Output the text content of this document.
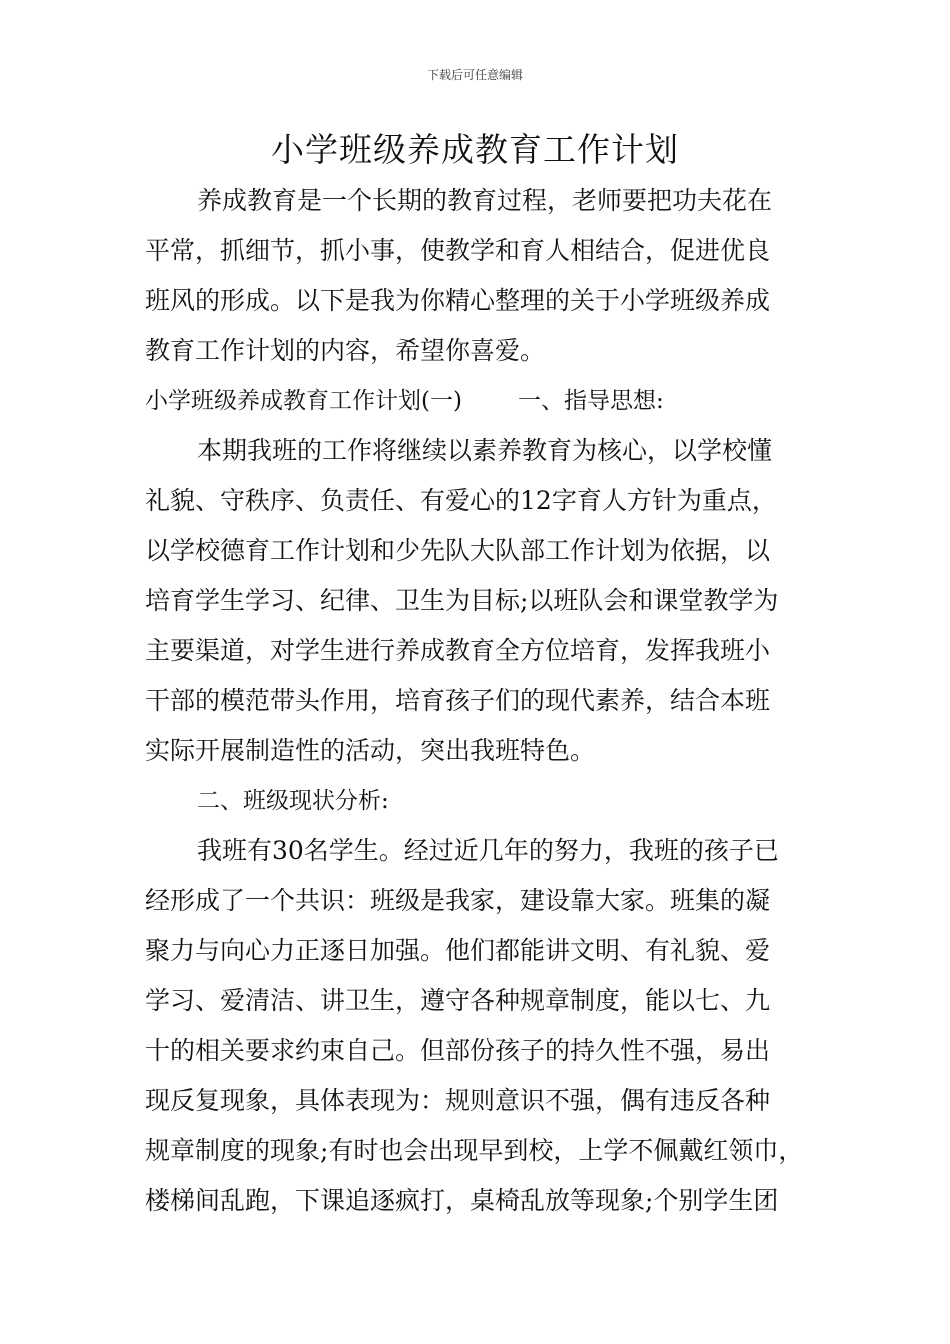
下载后可任意编辑
小学班级养成教育工作计划
养成教育是一个长期的教育过程，老师要把功夫花在
平常，抓细节，抓小事，使教学和育人相结合，促进优良
班风的形成。以下是我为你精心整理的关于小学班级养成
教育工作计划的内容，希望你喜爱。
小学班级养成教育工作计划(一) 一、指导思想:
本期我班的工作将继续以素养教育为核心，以学校懂
礼貌、守秩序、负责任、有爱心的12字育人方针为重点，
以学校德育工作计划和少先队大队部工作计划为依据，以
培育学生学习、纪律、卫生为目标;以班队会和课堂教学为
主要渠道，对学生进行养成教育全方位培育，发挥我班小
干部的模范带头作用，培育孩子们的现代素养，结合本班
实际开展制造性的活动，突出我班特色。
二、班级现状分析:
我班有30名学生。经过近几年的努力，我班的孩子已
经形成了一个共识：班级是我家，建设靠大家。班集的凝
聚力与向心力正逐日加强。他们都能讲文明、有礼貌、爱
学习、爱清洁、讲卫生，遵守各种规章制度，能以七、九
十的相关要求约束自己。但部份孩子的持久性不强，易出
现反复现象，具体表现为：规则意识不强，偶有违反各种
规章制度的现象;有时也会出现早到校，上学不佩戴红领巾，
楼梯间乱跑，下课追逐疯打，桌椅乱放等现象;个别学生团
